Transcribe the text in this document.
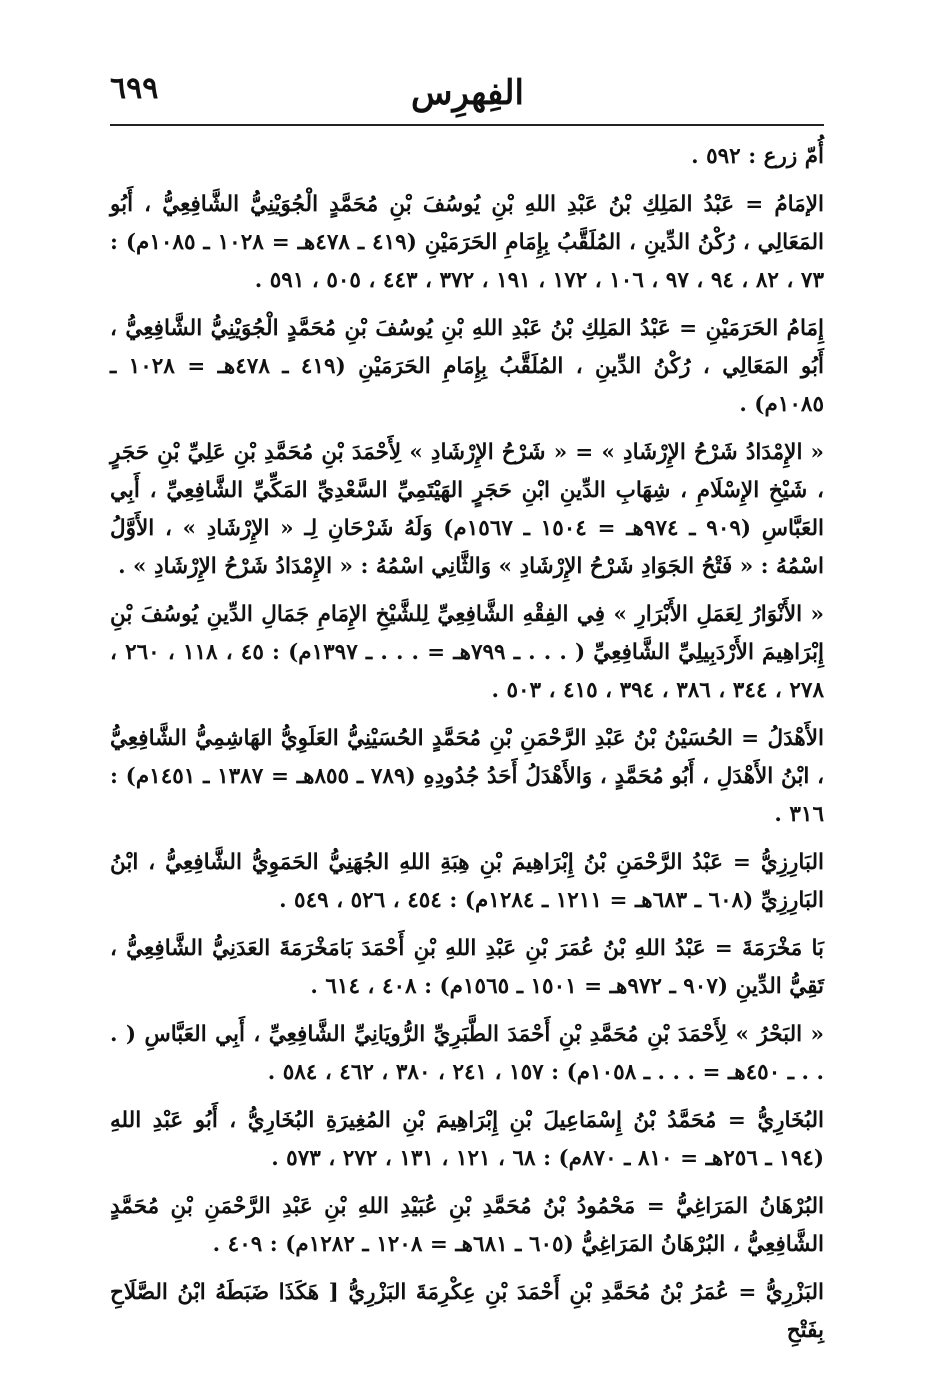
الفِهرِس
٦٩٩

أُمّ زرع : ٥٩٢ .

الإمَامُ = عَبْدُ المَلِكِ بْنُ عَبْدِ اللهِ بْنِ يُوسُفَ بْنِ مُحَمَّدٍ الْجُوَيْنِيُّ الشَّافِعِيُّ ، أَبُو المَعَالِي ، رُكْنُ الدِّينِ ، المُلَقَّبُ بِإِمَامِ الحَرَمَيْنِ (٤١٩ ـ ٤٧٨هـ = ١٠٢٨ ـ ١٠٨٥م) : ٧٣ ، ٨٢ ، ٩٤ ، ٩٧ ، ١٠٦ ، ١٧٢ ، ١٩١ ، ٣٧٢ ، ٤٤٣ ، ٥٠٥ ، ٥٩١ .

إِمَامُ الحَرَمَيْنِ = عَبْدُ المَلِكِ بْنُ عَبْدِ اللهِ بْنِ يُوسُفَ بْنِ مُحَمَّدٍ الْجُوَيْنِيُّ الشَّافِعِيُّ ، أَبُو المَعَالِي ، رُكْنُ الدِّينِ ، المُلَقَّبُ بِإِمَامِ الحَرَمَيْنِ (٤١٩ ـ ٤٧٨هـ = ١٠٢٨ ـ ١٠٨٥م) .

« الإِمْدَادُ شَرْحُ الإِرْشَادِ » = « شَرْحُ الإِرْشَادِ » لِأَحْمَدَ بْنِ مُحَمَّدِ بْنِ عَلِيِّ بْنِ حَجَرٍ ، شَيْخِ الإِسْلَامِ ، شِهَابِ الدِّينِ ابْنِ حَجَرٍ الهَيْتَمِيِّ السَّعْدِيِّ المَكِّيِّ الشَّافِعِيِّ ، أَبِي العَبَّاسِ (٩٠٩ ـ ٩٧٤هـ = ١٥٠٤ ـ ١٥٦٧م) وَلَهُ شَرْحَانِ لِـ « الإِرْشَادِ » ، الأَوَّلُ اسْمُهُ : « فَتْحُ الجَوَادِ شَرْحُ الإِرْشَادِ » وَالثَّانِي اسْمُهُ : « الإِمْدَادُ شَرْحُ الإِرْشَادِ » .

« الأَنْوَارُ لِعَمَلِ الأَبْرَارِ » فِي الفِقْهِ الشَّافِعِيِّ لِلشَّيْخِ الإِمَامِ جَمَالِ الدِّينِ يُوسُفَ بْنِ إِبْرَاهِيمَ الأَرْدَبِيلِيِّ الشَّافِعِيِّ ( . . . ـ ٧٩٩هـ = . . . ـ ١٣٩٧م) : ٤٥ ، ١١٨ ، ٢٦٠ ، ٢٧٨ ، ٣٤٤ ، ٣٨٦ ، ٣٩٤ ، ٤١٥ ، ٥٠٣ .

الأَهْدَلُ = الحُسَيْنُ بْنُ عَبْدِ الرَّحْمَنِ بْنِ مُحَمَّدٍ الحُسَيْنِيُّ العَلَوِيُّ الهَاشِمِيُّ الشَّافِعِيُّ ، ابْنُ الأَهْدَلِ ، أَبُو مُحَمَّدٍ ، وَالأَهْدَلُ أَحَدُ جُدُودِهِ (٧٨٩ ـ ٨٥٥هـ = ١٣٨٧ ـ ١٤٥١م) : ٣١٦ .

البَارِزِيُّ = عَبْدُ الرَّحْمَنِ بْنُ إِبْرَاهِيمَ بْنِ هِبَةِ اللهِ الجُهَنِيُّ الحَمَوِيُّ الشَّافِعِيُّ ، ابْنُ البَارِزِيِّ (٦٠٨ ـ ٦٨٣هـ = ١٢١١ ـ ١٢٨٤م) : ٤٥٤ ، ٥٢٦ ، ٥٤٩ .

بَا مَخْرَمَةَ = عَبْدُ اللهِ بْنُ عُمَرَ بْنِ عَبْدِ اللهِ بْنِ أَحْمَدَ بَامَخْرَمَةَ العَدَنِيُّ الشَّافِعِيُّ ، تَقِيُّ الدِّينِ (٩٠٧ ـ ٩٧٢هـ = ١٥٠١ ـ ١٥٦٥م) : ٤٠٨ ، ٦١٤ .

« البَحْرُ » لِأَحْمَدَ بْنِ مُحَمَّدِ بْنِ أَحْمَدَ الطَّبَرِيِّ الرُّويَانِيِّ الشَّافِعِيِّ ، أَبِي العَبَّاسِ ( . . . ـ ٤٥٠هـ = . . . ـ ١٠٥٨م) : ١٥٧ ، ٢٤١ ، ٣٨٠ ، ٤٦٢ ، ٥٨٤ .

البُخَارِيُّ = مُحَمَّدُ بْنُ إِسْمَاعِيلَ بْنِ إِبْرَاهِيمَ بْنِ المُغِيرَةِ البُخَارِيُّ ، أَبُو عَبْدِ اللهِ (١٩٤ ـ ٢٥٦هـ = ٨١٠ ـ ٨٧٠م) : ٦٨ ، ١٢١ ، ١٣١ ، ٢٧٢ ، ٥٧٣ .

البُرْهَانُ المَرَاغِيُّ = مَحْمُودُ بْنُ مُحَمَّدِ بْنِ عُبَيْدِ اللهِ بْنِ عَبْدِ الرَّحْمَنِ بْنِ مُحَمَّدٍ الشَّافِعِيُّ ، البُرْهَانُ المَرَاغِيُّ (٦٠٥ ـ ٦٨١هـ = ١٢٠٨ ـ ١٢٨٢م) : ٤٠٩ .

البَزْرِيُّ = عُمَرُ بْنُ مُحَمَّدِ بْنِ أَحْمَدَ بْنِ عِكْرِمَةَ البَزْرِيُّ [ هَكَذَا ضَبَطَهُ ابْنُ الصَّلَاحِ بِفَتْحِ
